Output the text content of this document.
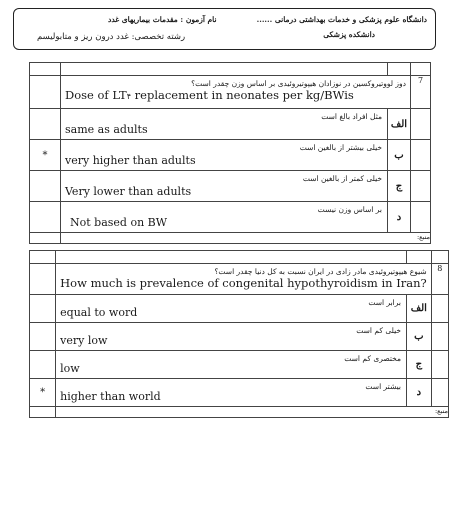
دانشگاه علوم پزشکی و خدمات بهداشتی درمانی ......
دانشکده پزشکی
نام آزمون : مقدمات بیماریهای غدد
رشته تخصصی: غدد درون ریز و متابولیسم

	دوز لووتیروکسین در نوزادان هیپوتیروئیدی بر اساس وزن چقدر است؟
Dose of LT۴ replacement in neonates per kg/BWis		7

	مثل افراد بالغ است
same as adults	الف	
*	خیلی بیشتر از بالغین است
very higher than adults	ب	

	خیلی کمتر از بالغین است
Very lower than adults	ج	

	بر اساس وزن نیست
Not based on BW	د	
	منبع:		

	شیوع هیپوتیروئیدی مادر زادی در ایران نسبت به کل دنیا چقدر است؟
How much is prevalence of congenital hypothyroidism in Iran?		8

	برابر است
equal to word	الف	

	خیلی کم است
very low	ب	

	مختصری کم است
low	ج	
*	بیشتر است
higher than world	د	
	منبع:		
